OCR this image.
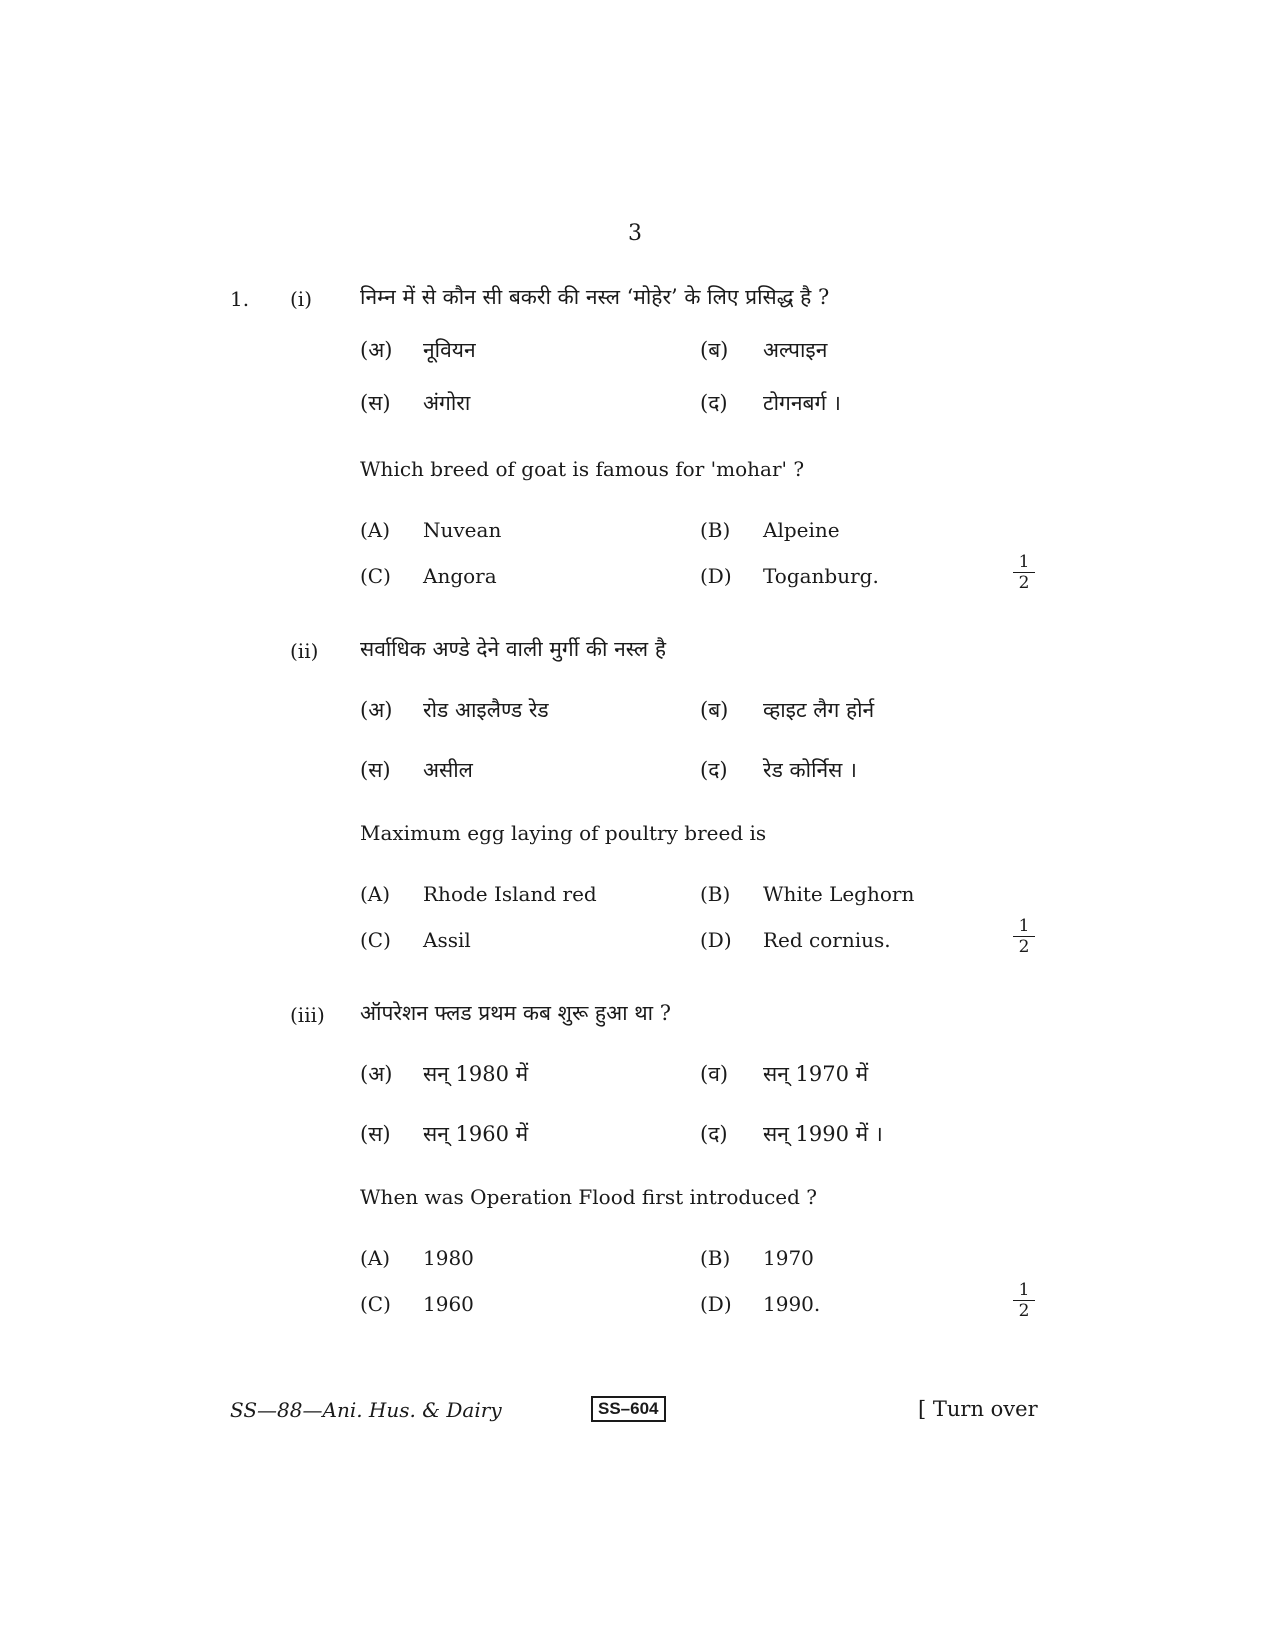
3
1. (i) निम्न में से कौन सी बकरी की नस्ल ‘मोहेर’ के लिए प्रसिद्ध है ?
(अ) नूवियन	(ब) अल्पाइन
(स) अंगोरा	(द) टोगनबर्ग ।
Which breed of goat is famous for 'mohar' ?
(A) Nuvean	(B) Alpeine
(C) Angora	(D) Toganburg.	$\frac{1}{2}$
(ii) सर्वाधिक अण्डे देने वाली मुर्गी की नस्ल है
(अ) रोड आइलैण्ड रेड	(ब) व्हाइट लैग होर्न
(स) असील	(द) रेड कोर्निस ।
Maximum egg laying of poultry breed is
(A) Rhode Island red	(B) White Leghorn
(C) Assil	(D) Red cornius.	$\frac{1}{2}$
(iii) ऑपरेशन फ्लड प्रथम कब शुरू हुआ था ?
(अ) सन् 1980 में	(व) सन् 1970 में
(स) सन् 1960 में	(द) सन् 1990 में ।
When was Operation Flood first introduced ?
(A) 1980	(B) 1970
(C) 1960	(D) 1990.	$\frac{1}{2}$
SS—88—Ani. Hus. & Dairy	SS–604	[ Turn over
